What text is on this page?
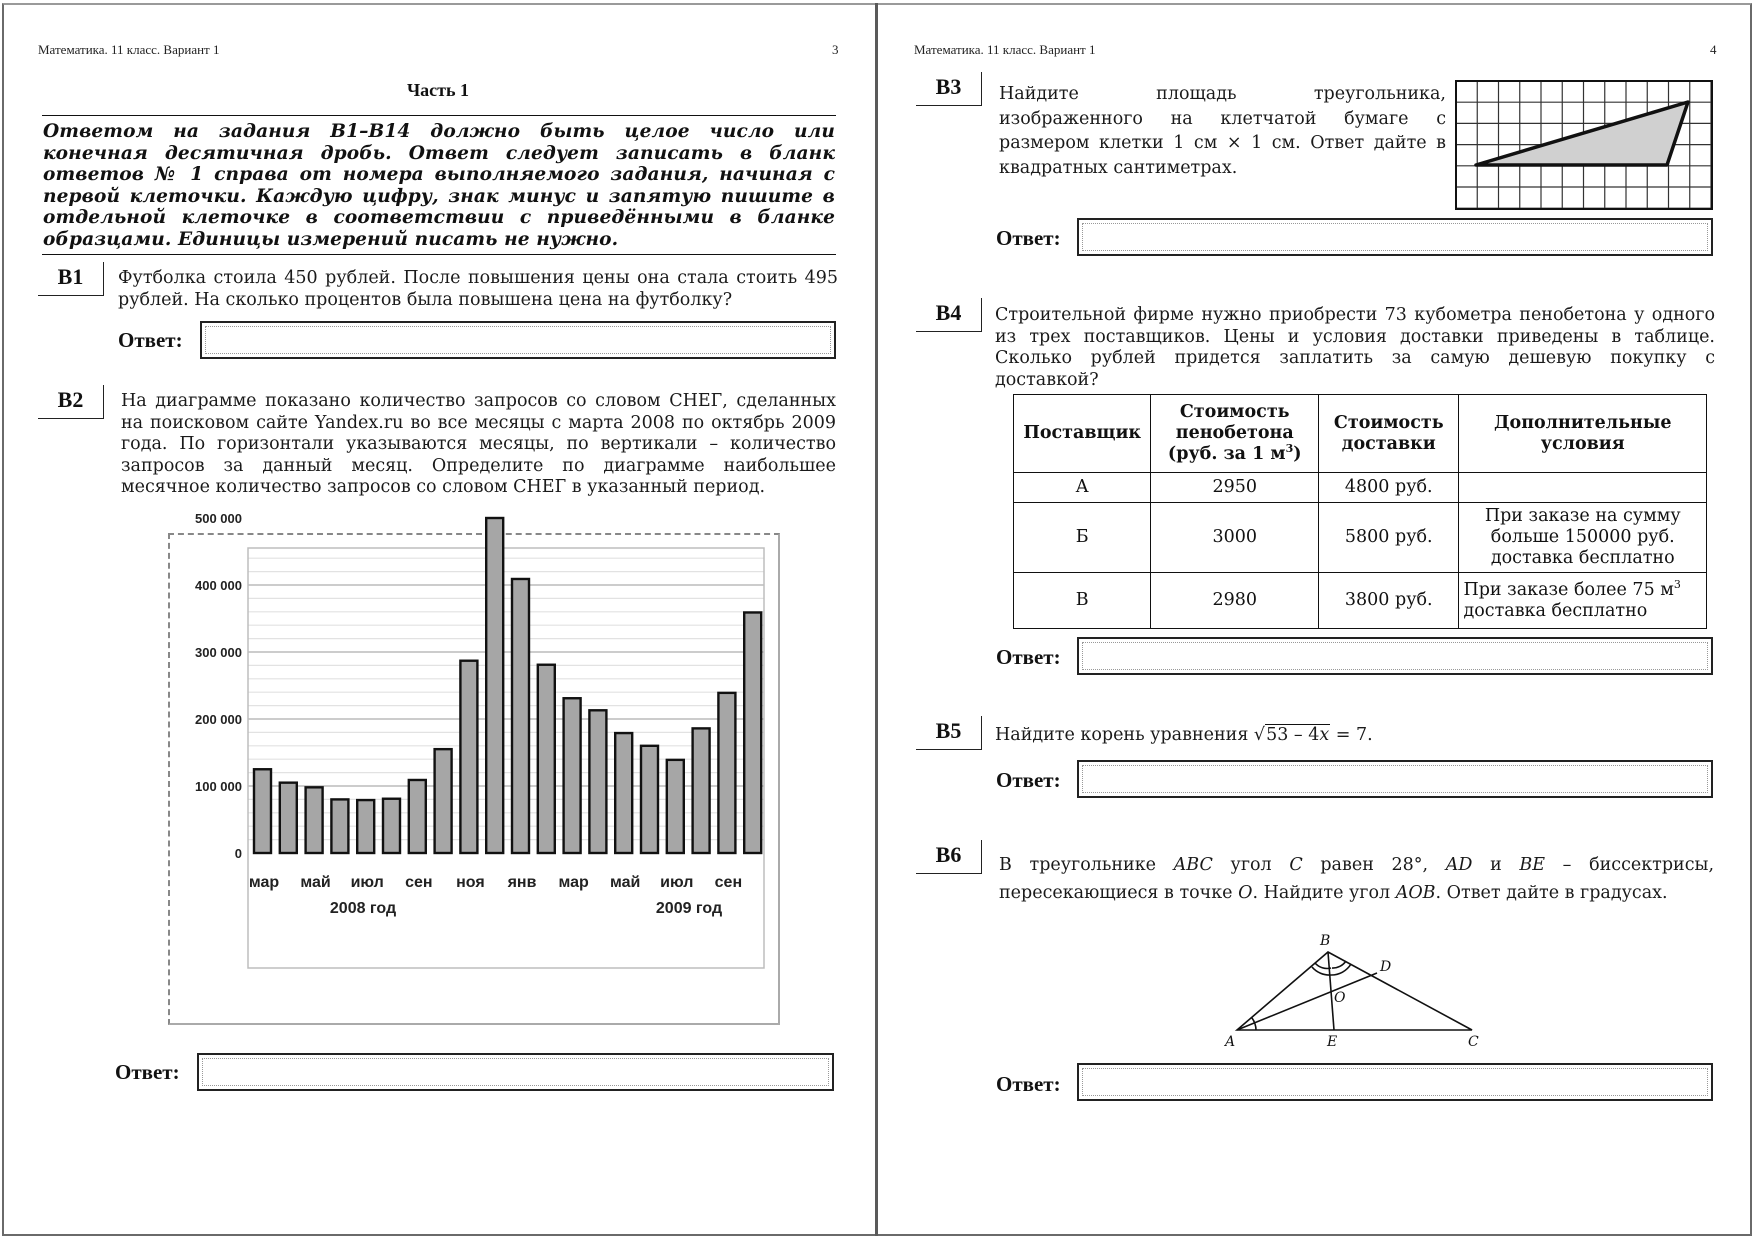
Математика. 11 класс. Вариант 1	3
Часть 1
Ответом на задания В1–В14 должно быть целое число или конечная десятичная дробь. Ответ следует записать в бланк ответов № 1 справа от номера выполняемого задания, начиная с первой клеточки. Каждую цифру, знак минус и запятую пишите в отдельной клеточке в соответствии с приведёнными в бланке образцами. Единицы измерений писать не нужно.
B1	Футболка стоила 450 рублей. После повышения цены она стала стоить 495 рублей. На сколько процентов была повышена цена на футболку?
Ответ:
B2	На диаграмме показано количество запросов со словом СНЕГ, сделанных на поисковом сайте Yandex.ru во все месяцы с марта 2008 по октябрь 2009 года. По горизонтали указываются месяцы, по вертикали – количество запросов за данный месяц. Определите по диаграмме наибольшее месячное количество запросов со словом СНЕГ в указанный период.
0
100 000
200 000
300 000
400 000
500 000
мар май июл сен ноя янв мар май июл сен
2008 год	2009 год
Ответ:
Математика. 11 класс. Вариант 1	4
B3	Найдите площадь треугольника, изображенного на клетчатой бумаге с размером клетки 1 см × 1 см. Ответ дайте в квадратных сантиметрах.
Ответ:
B4	Строительной фирме нужно приобрести 73 кубометра пенобетона у одного из трех поставщиков. Цены и условия доставки приведены в таблице. Сколько рублей придется заплатить за самую дешевую покупку с доставкой?
Ответ:
B5	Найдите корень уравнения √53 – 4x = 7.
Ответ:
B6	В треугольнике ABC угол C равен 28°, AD и BE – биссектрисы, пересекающиеся в точке O. Найдите угол AOB. Ответ дайте в градусах.
Ответ:
Поставщик	Стоимость пенобетона (руб. за 1 $м^3$)	Стоимость доставки	Дополнительные условия
А	2950	4800 руб.	
Б	3000	5800 руб.	При заказе на сумму больше 150000 руб. доставка бесплатно
В	2980	3800 руб.	При заказе более 75 $м^3$ доставка бесплатно
B
D
O
A	E	C
